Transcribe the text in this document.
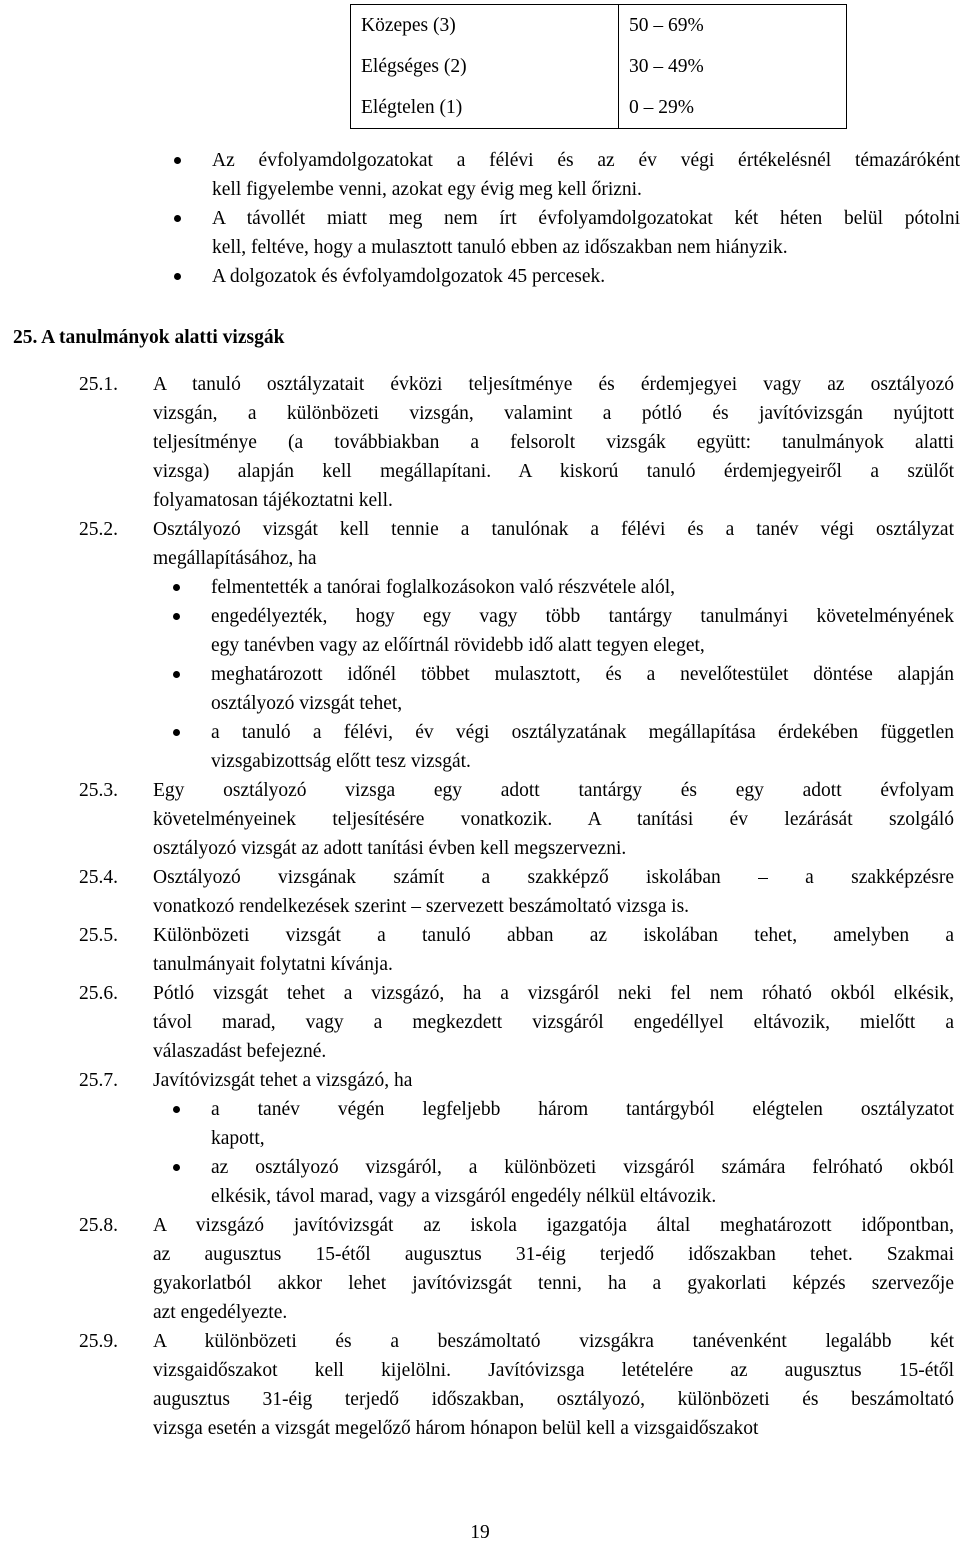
Közepes (3)	50 – 69%
Elégséges (2)	30 – 49%
Elégtelen (1)	0 – 29%
Az évfolyamdolgozatokat a félévi és az év végi értékelésnél témazáróként
kell figyelembe venni, azokat egy évig meg kell őrizni.
A távollét miatt meg nem írt évfolyamdolgozatokat két héten belül pótolni
kell, feltéve, hogy a mulasztott tanuló ebben az időszakban nem hiányzik.
A dolgozatok és évfolyamdolgozatok 45 percesek.
25. A tanulmányok alatti vizsgák
25.1. A tanuló osztályzatait évközi teljesítménye és érdemjegyei vagy az osztályozó
vizsgán, a különbözeti vizsgán, valamint a pótló és javítóvizsgán nyújtott
teljesítménye (a továbbiakban a felsorolt vizsgák együtt: tanulmányok alatti
vizsga) alapján kell megállapítani. A kiskorú tanuló érdemjegyeiről a szülőt
folyamatosan tájékoztatni kell.
25.2. Osztályozó vizsgát kell tennie a tanulónak a félévi és a tanév végi osztályzat
megállapításához, ha
felmentették a tanórai foglalkozásokon való részvétele alól,
engedélyezték, hogy egy vagy több tantárgy tanulmányi követelményének
egy tanévben vagy az előírtnál rövidebb idő alatt tegyen eleget,
meghatározott időnél többet mulasztott, és a nevelőtestület döntése alapján
osztályozó vizsgát tehet,
a tanuló a félévi, év végi osztályzatának megállapítása érdekében független
vizsgabizottság előtt tesz vizsgát.
25.3. Egy osztályozó vizsga egy adott tantárgy és egy adott évfolyam
követelményeinek teljesítésére vonatkozik. A tanítási év lezárását szolgáló
osztályozó vizsgát az adott tanítási évben kell megszervezni.
25.4. Osztályozó vizsgának számít a szakképző iskolában – a szakképzésre
vonatkozó rendelkezések szerint – szervezett beszámoltató vizsga is.
25.5. Különbözeti vizsgát a tanuló abban az iskolában tehet, amelyben a
tanulmányait folytatni kívánja.
25.6. Pótló vizsgát tehet a vizsgázó, ha a vizsgáról neki fel nem róható okból elkésik,
távol marad, vagy a megkezdett vizsgáról engedéllyel eltávozik, mielőtt a
válaszadást befejezné.
25.7. Javítóvizsgát tehet a vizsgázó, ha
a tanév végén legfeljebb három tantárgyból elégtelen osztályzatot
kapott,
az osztályozó vizsgáról, a különbözeti vizsgáról számára felróható okból
elkésik, távol marad, vagy a vizsgáról engedély nélkül eltávozik.
25.8. A vizsgázó javítóvizsgát az iskola igazgatója által meghatározott időpontban,
az augusztus 15-étől augusztus 31-éig terjedő időszakban tehet. Szakmai
gyakorlatból akkor lehet javítóvizsgát tenni, ha a gyakorlati képzés szervezője
azt engedélyezte.
25.9. A különbözeti és a beszámoltató vizsgákra tanévenként legalább két
vizsgaidőszakot kell kijelölni. Javítóvizsga letételére az augusztus 15-étől
augusztus 31-éig terjedő időszakban, osztályozó, különbözeti és beszámoltató
vizsga esetén a vizsgát megelőző három hónapon belül kell a vizsgaidőszakot
19
